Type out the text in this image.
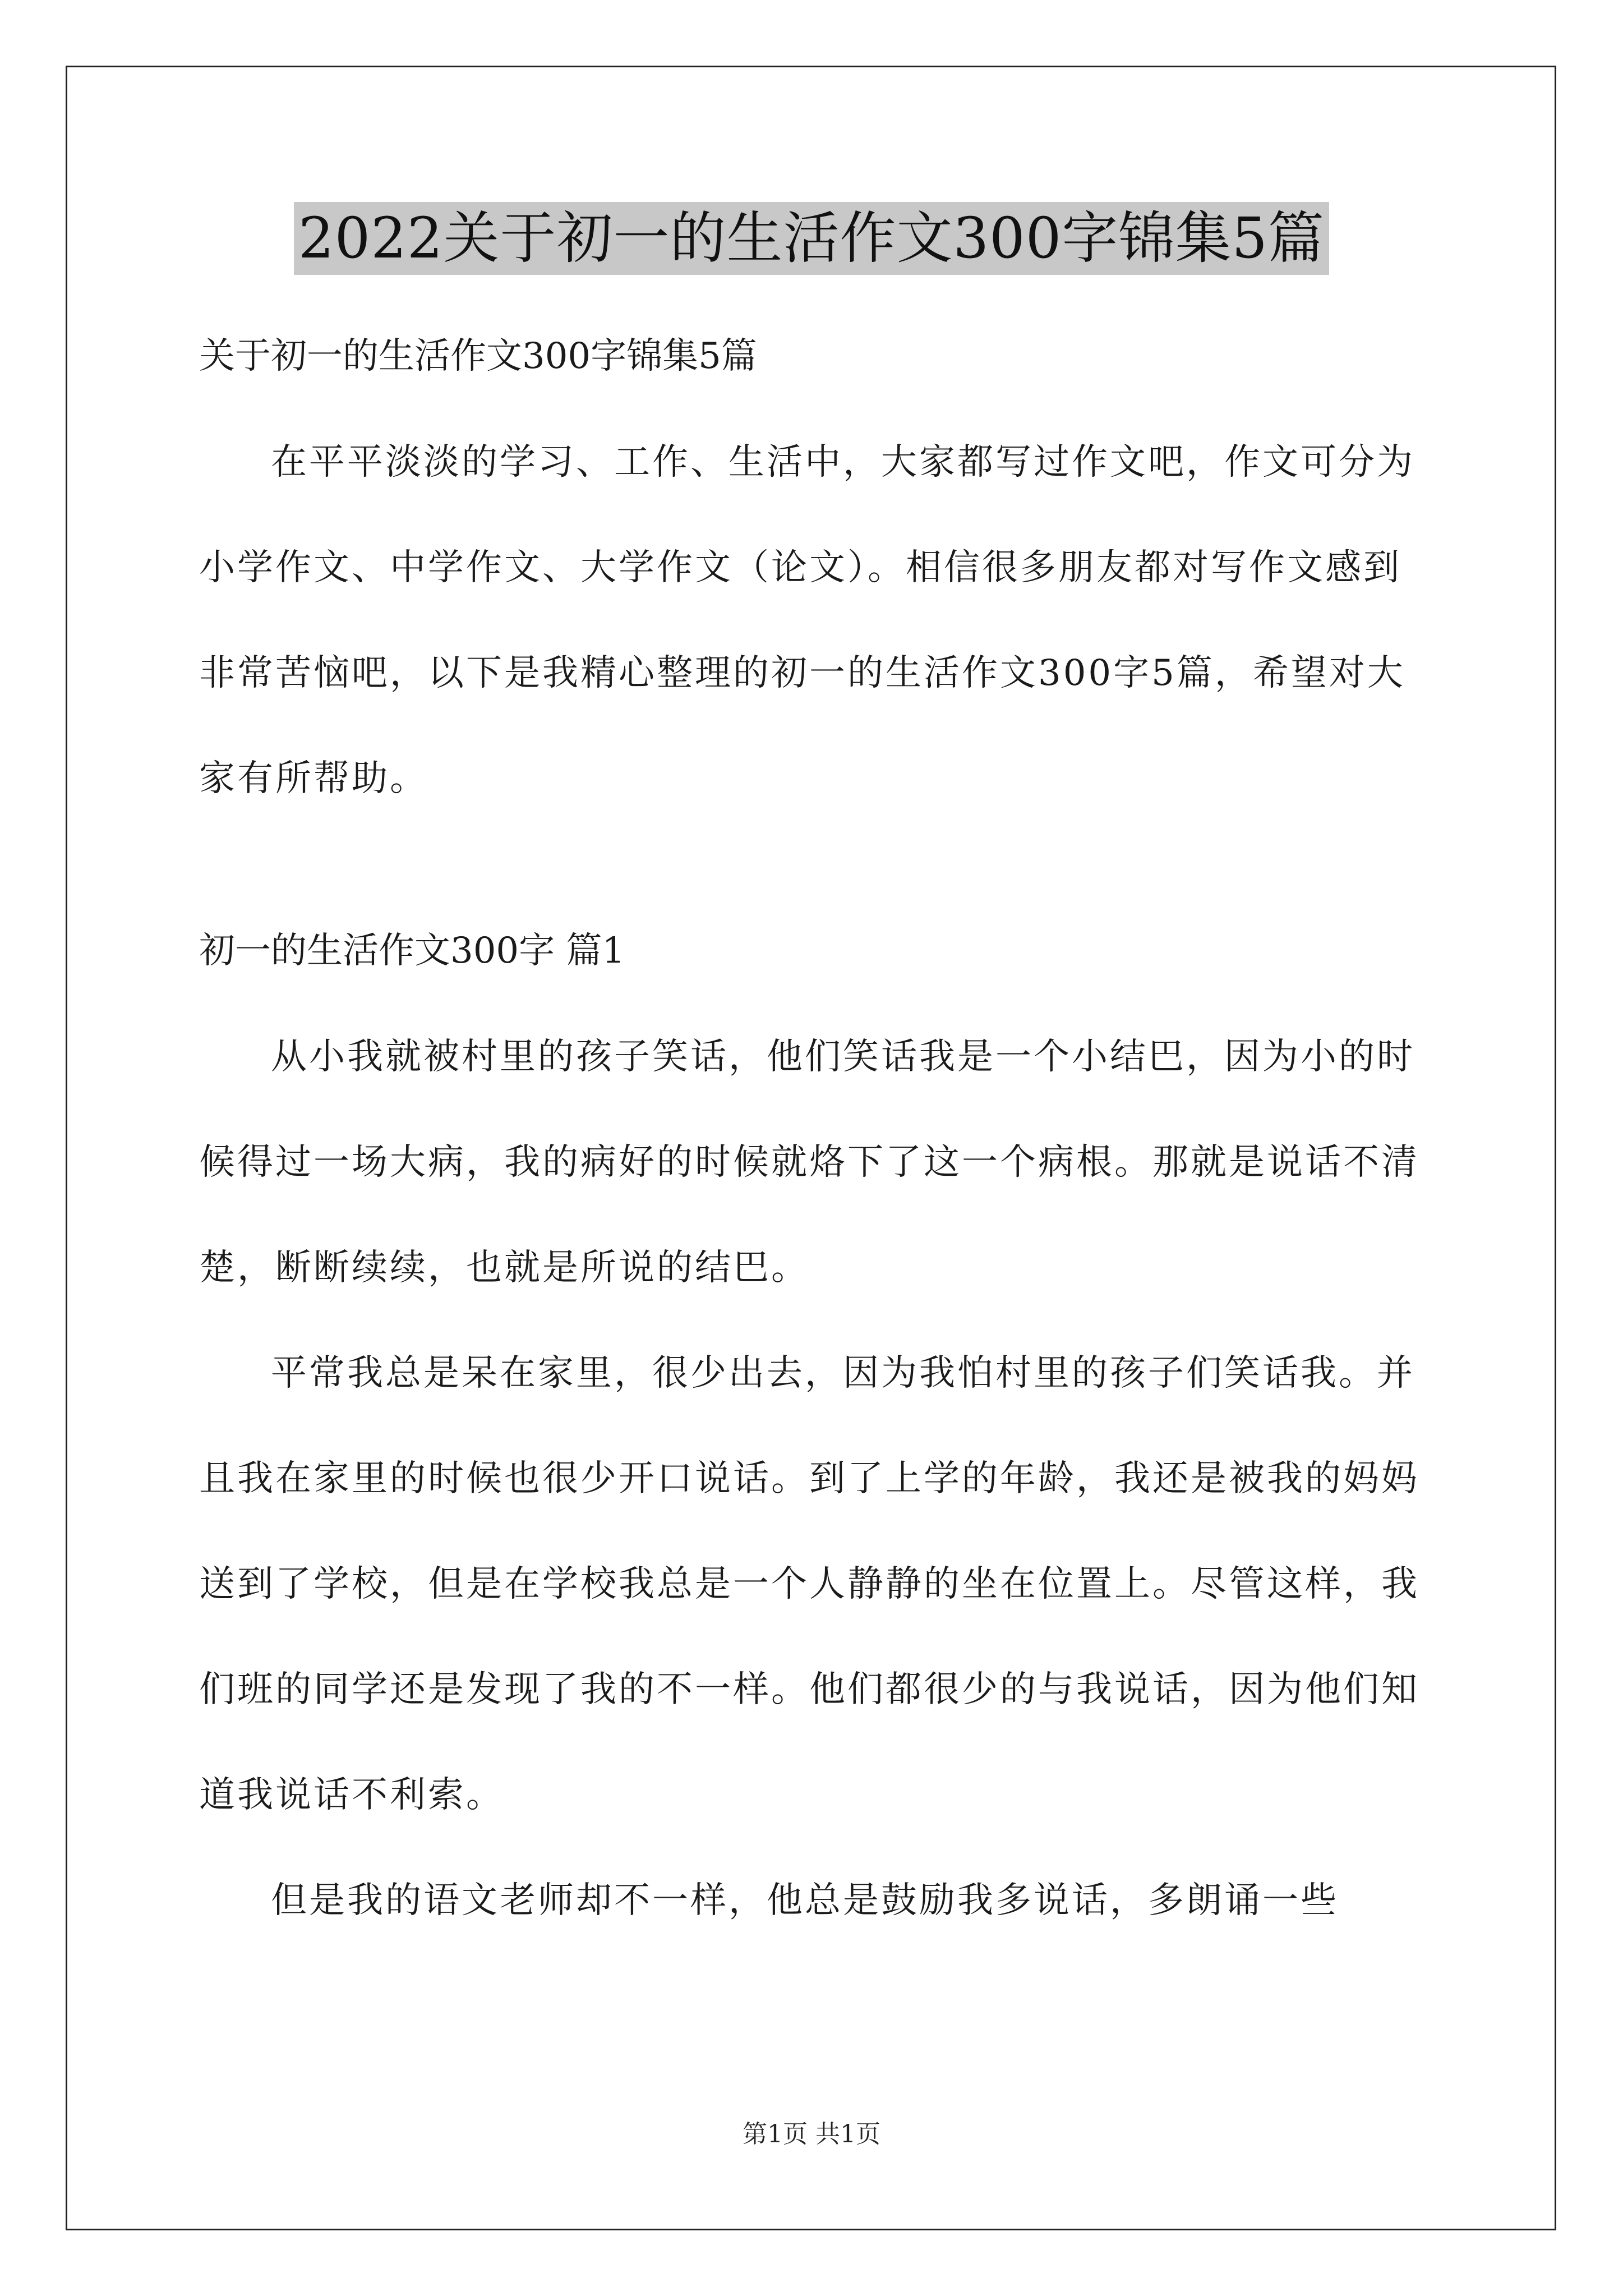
2022关于初一的生活作文300字锦集5篇

关于初一的生活作文300字锦集5篇

在平平淡淡的学习、工作、生活中，大家都写过作文吧，作文可分为小学作文、中学作文、大学作文（论文）。相信很多朋友都对写作文感到非常苦恼吧，以下是我精心整理的初一的生活作文300字5篇，希望对大家有所帮助。

初一的生活作文300字 篇1

从小我就被村里的孩子笑话，他们笑话我是一个小结巴，因为小的时候得过一场大病，我的病好的时候就烙下了这一个病根。那就是说话不清楚，断断续续，也就是所说的结巴。

平常我总是呆在家里，很少出去，因为我怕村里的孩子们笑话我。并且我在家里的时候也很少开口说话。到了上学的年龄，我还是被我的妈妈送到了学校，但是在学校我总是一个人静静的坐在位置上。尽管这样，我们班的同学还是发现了我的不一样。他们都很少的与我说话，因为他们知道我说话不利索。

但是我的语文老师却不一样，他总是鼓励我多说话，多朗诵一些

第1页 共1页
